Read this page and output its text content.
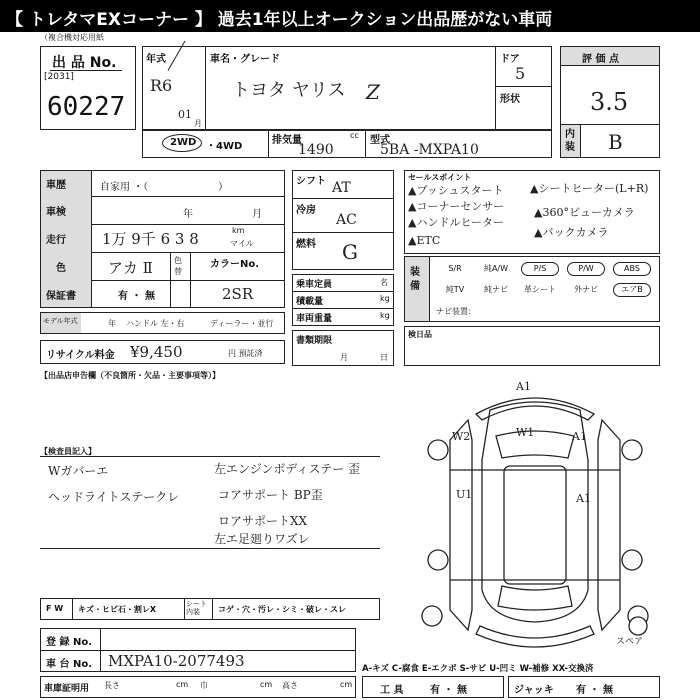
【 トレタマEXコーナー 】 過去1年以上オークション出品歴がない車両
（複合機対応用紙
出 品 No.
[2031]
60227
年式
R6
01
月
車名・グレード
トヨタ ヤリス Z
ドア
5
形状
評 価 点
3.5
内装 B
2WD ・4WD
排気量	cc
1490
型式
5BA -MXPA10
車歴	自家用 ・（　　　　　　　）
車検	年	月
走行 1万 9千 6 3 8	km
マイル
色	アカ Ⅱ	色替
カラーNo.
2SR
保証書	有 ・ 無
モデル年式	年 ハンドル 左・右	ディーラー・並行
リサイクル料金 ¥9,450	円 預託済
シフト AT
冷房
AC
燃料 G
乗車定員	名
積載量	kg
車両重量	kg
書類期限
月	日
セールスポイント
▲プッシュスタート
▲コーナーセンサー
▲ハンドルヒーター
▲ETC
▲シートヒーター(L+R)
▲360°ビューカメラ
▲バックカメラ
装備
S/R	純A/W	P/S	P/W	ABS
純TV	純ナビ	革シート	外ナビ	エアB
ナビ装置：
検日品
【出品店申告欄（不良箇所・欠品・主要事項等）】
【検査員記入】
Wガバーエ
ヘッドライトステークレ
左エンジンボディステー 歪
コアサポート BP歪
ロアサポートXX
左エ足廻りワズレ
A1
W2	W1	A1
U1	A1
スペア
F W キズ・ヒビ石・割レX
シート内装	コゲ・穴・汚レ・シミ・破レ・スレ
登 録 No.
車 台 No. MXPA10-2077493
車庫証明用 長さ	cm 巾	cm 高さ	cm
A-キズ C-腐食 E-エクボ S-サビ U-凹ミ W-補修 XX-交換済
工 具	有 ・ 無	ジャッキ 有 ・ 無
